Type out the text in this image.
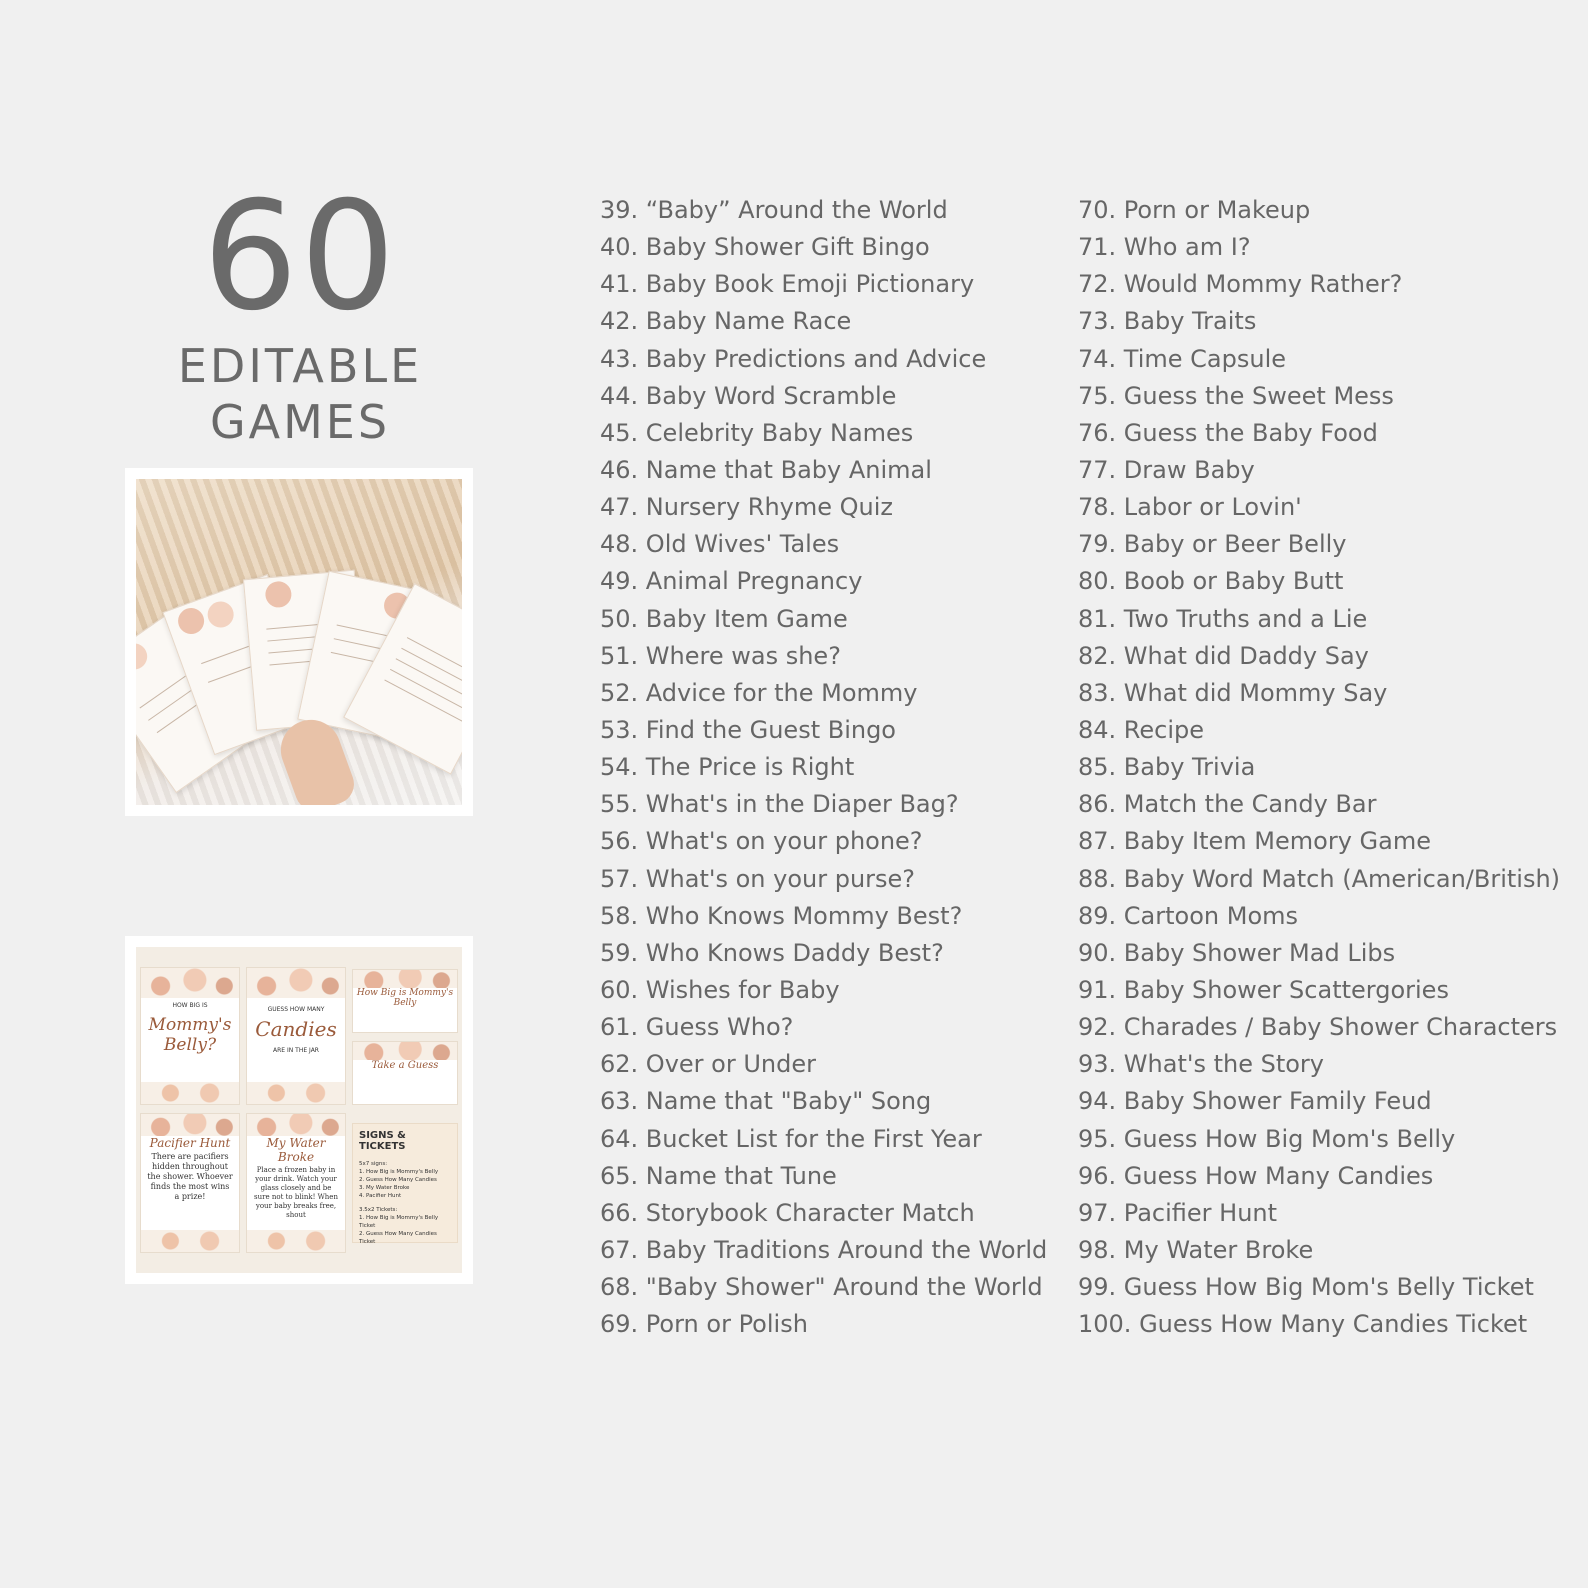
60
EDITABLE GAMES
HOW BIG IS
Mommy's Belly?
GUESS HOW MANY
Candies
ARE IN THE JAR
Pacifier Hunt
There are pacifiers hidden throughout the shower. Whoever finds the most wins a prize!
My Water Broke
Place a frozen baby in your drink. Watch your glass closely and be sure not to blink! When your baby breaks free, shout
How Big is Mommy's Belly
Take a Guess
SIGNS & TICKETS
5x7 signs:
1. How Big is Mommy's Belly
2. Guess How Many Candies
3. My Water Broke
4. Pacifier Hunt
3.5x2 Tickets:
1. How Big is Mommy's Belly Ticket
2. Guess How Many Candies Ticket
39. “Baby” Around the World
40. Baby Shower Gift Bingo
41. Baby Book Emoji Pictionary
42. Baby Name Race
43. Baby Predictions and Advice
44. Baby Word Scramble
45. Celebrity Baby Names
46. Name that Baby Animal
47. Nursery Rhyme Quiz
48. Old Wives' Tales
49. Animal Pregnancy
50. Baby Item Game
51. Where was she?
52. Advice for the Mommy
53. Find the Guest Bingo
54. The Price is Right
55. What's in the Diaper Bag?
56. What's on your phone?
57. What's on your purse?
58. Who Knows Mommy Best?
59. Who Knows Daddy Best?
60. Wishes for Baby
61. Guess Who?
62. Over or Under
63. Name that "Baby" Song
64. Bucket List for the First Year
65. Name that Tune
66. Storybook Character Match
67. Baby Traditions Around the World
68. "Baby Shower" Around the World
69. Porn or Polish
70. Porn or Makeup
71. Who am I?
72. Would Mommy Rather?
73. Baby Traits
74. Time Capsule
75. Guess the Sweet Mess
76. Guess the Baby Food
77. Draw Baby
78. Labor or Lovin'
79. Baby or Beer Belly
80. Boob or Baby Butt
81. Two Truths and a Lie
82. What did Daddy Say
83. What did Mommy Say
84. Recipe
85. Baby Trivia
86. Match the Candy Bar
87. Baby Item Memory Game
88. Baby Word Match (American/British)
89. Cartoon Moms
90. Baby Shower Mad Libs
91. Baby Shower Scattergories
92. Charades / Baby Shower Characters
93. What's the Story
94. Baby Shower Family Feud
95. Guess How Big Mom's Belly
96. Guess How Many Candies
97. Pacifier Hunt
98. My Water Broke
99. Guess How Big Mom's Belly Ticket
100. Guess How Many Candies Ticket
